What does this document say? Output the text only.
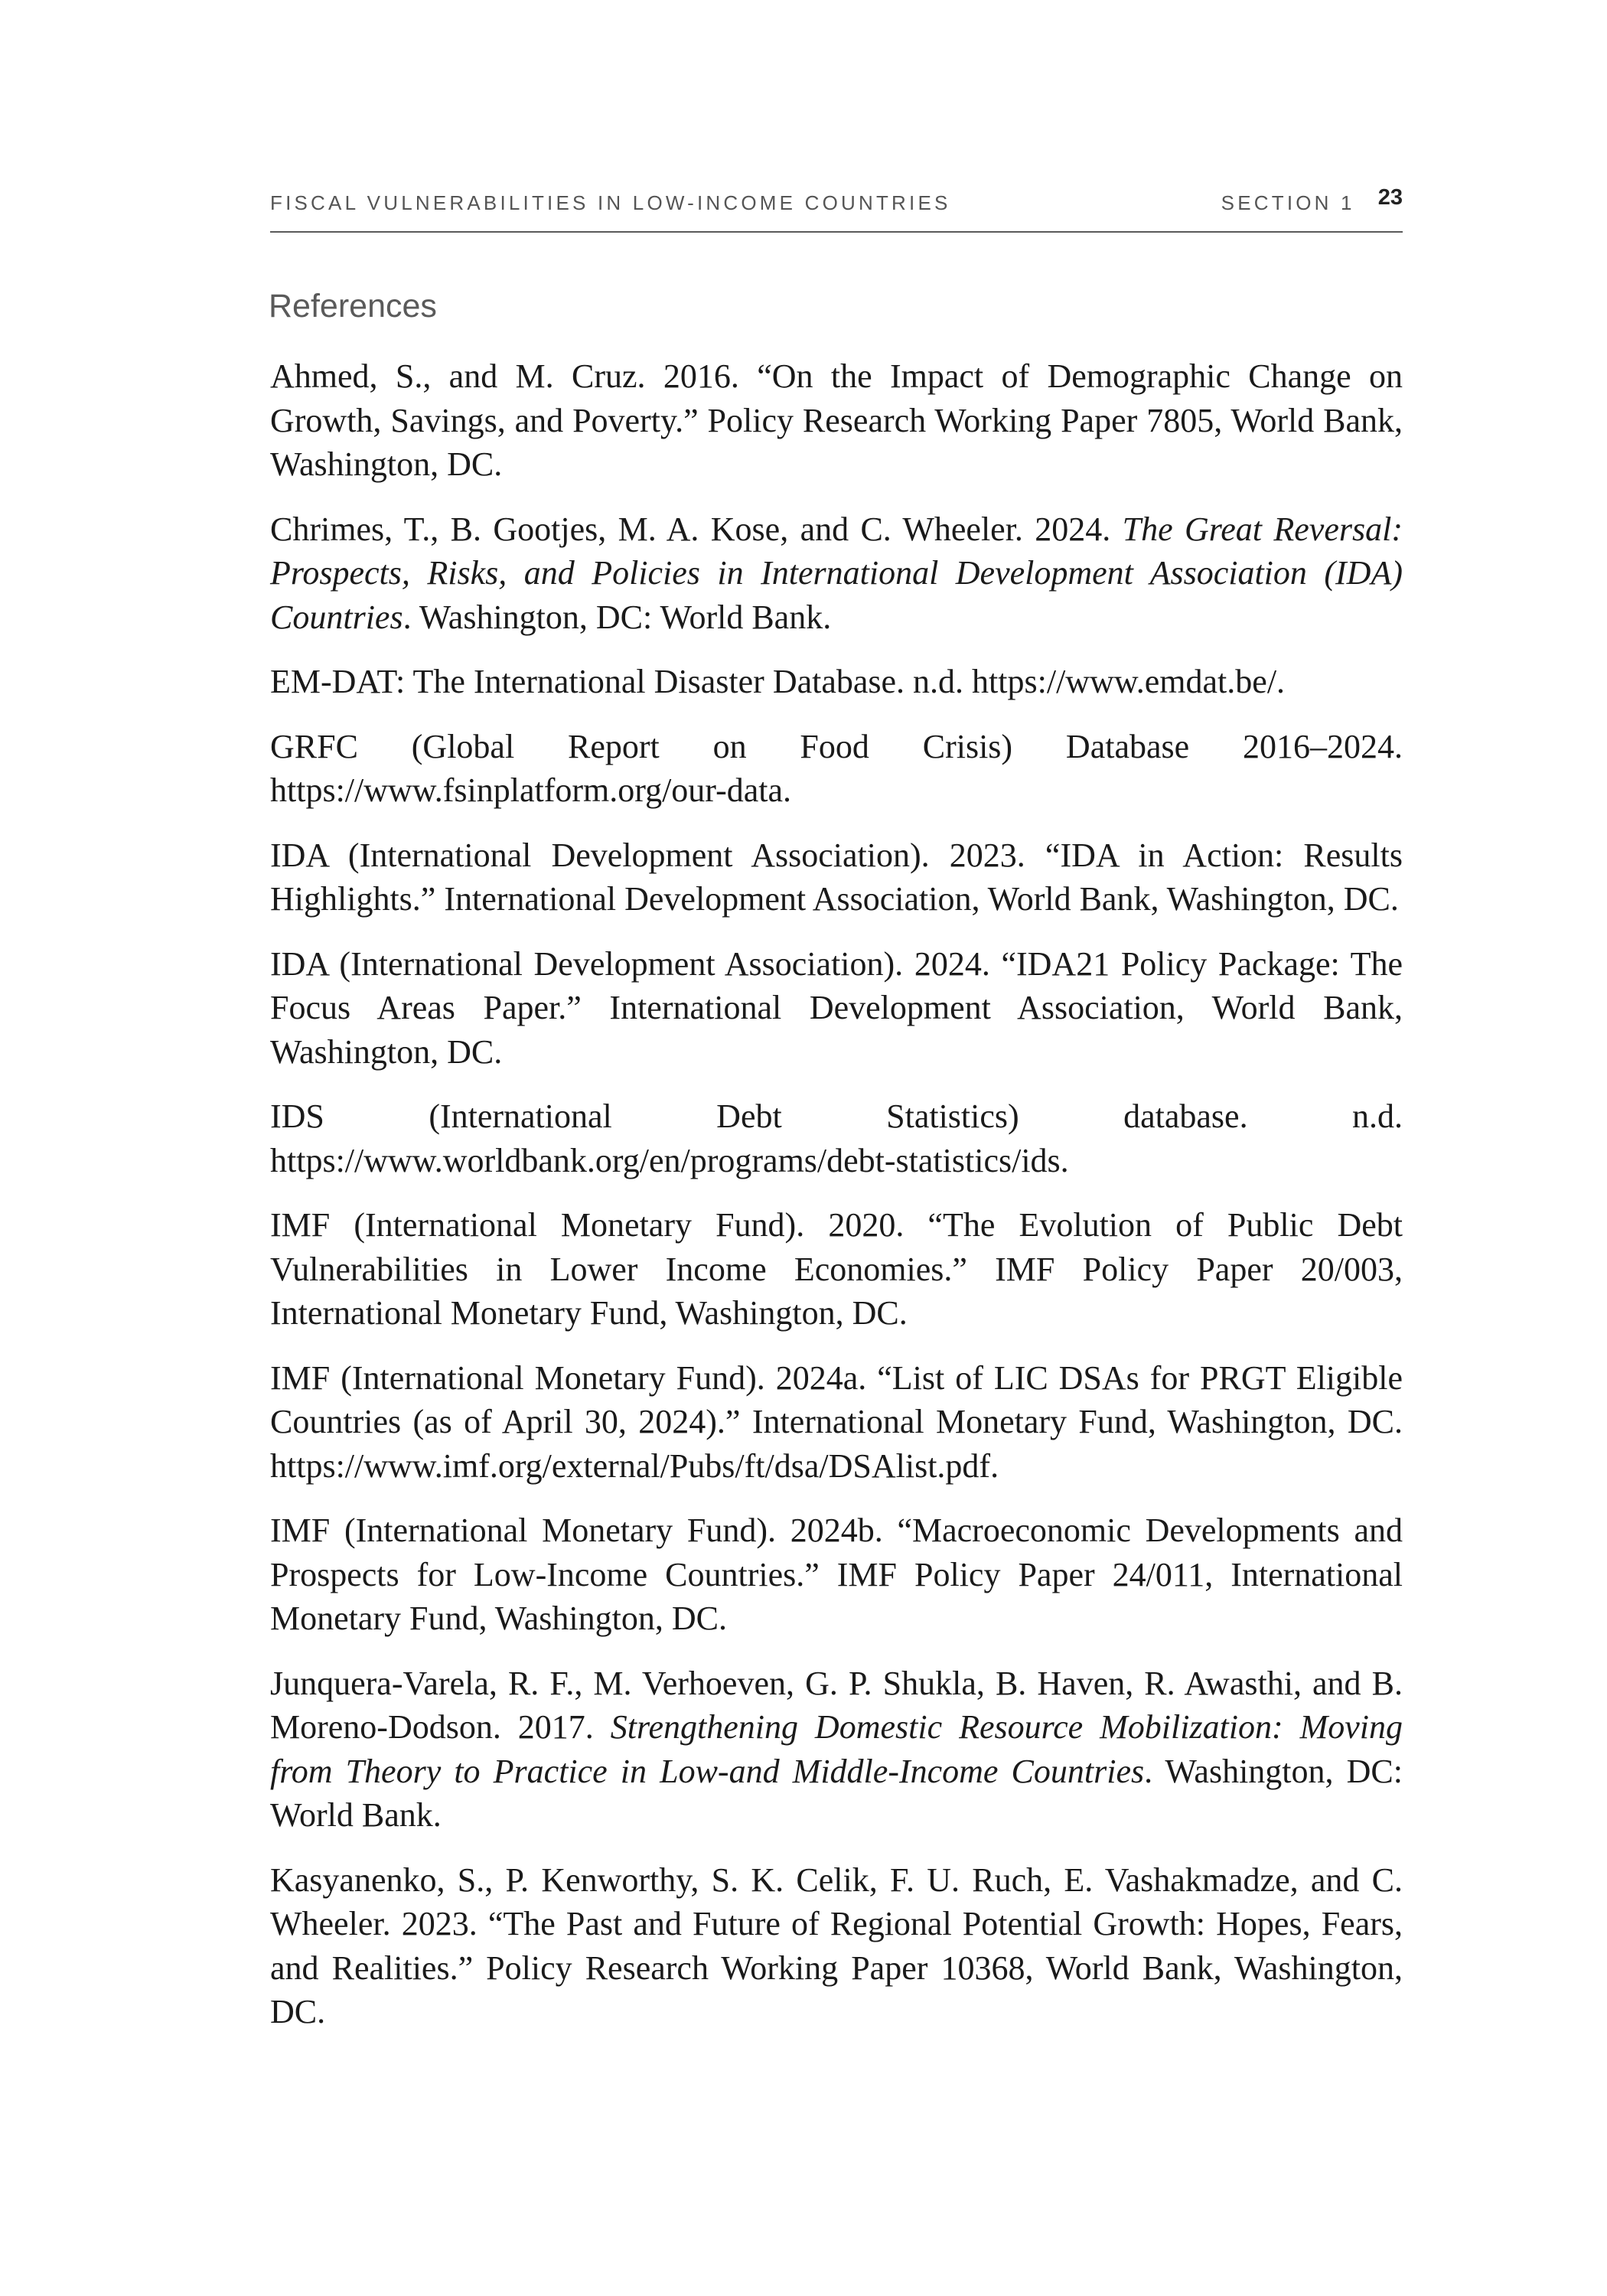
FISCAL VULNERABILITIES IN LOW-INCOME COUNTRIES	SECTION 1 23
References
Ahmed, S., and M. Cruz. 2016. “On the Impact of Demographic Change on Growth, Savings, and Poverty.” Policy Research Working Paper 7805, World Bank, Washington, DC.
Chrimes, T., B. Gootjes, M. A. Kose, and C. Wheeler. 2024. The Great Reversal: Prospects, Risks, and Policies in International Development Association (IDA) Countries. Washington, DC: World Bank.
EM-DAT: The International Disaster Database. n.d. https://www.emdat.be/.
GRFC (Global Report on Food Crisis) Database 2016–2024. https://www.fsinplatform.org/our-data.
IDA (International Development Association). 2023. “IDA in Action: Results Highlights.” International Development Association, World Bank, Washington, DC.
IDA (International Development Association). 2024. “IDA21 Policy Package: The Focus Areas Paper.” International Development Association, World Bank, Washington, DC.
IDS (International Debt Statistics) database. n.d. https://www.worldbank.org/en/programs/debt-statistics/ids.
IMF (International Monetary Fund). 2020. “The Evolution of Public Debt Vulnerabilities in Lower Income Economies.” IMF Policy Paper 20/003, International Monetary Fund, Washington, DC.
IMF (International Monetary Fund). 2024a. “List of LIC DSAs for PRGT Eligible Countries (as of April 30, 2024).” International Monetary Fund, Washington, DC. https://www.imf.org/external/Pubs/ft/dsa/DSAlist.pdf.
IMF (International Monetary Fund). 2024b. “Macroeconomic Developments and Prospects for Low-Income Countries.” IMF Policy Paper 24/011, International Monetary Fund, Washington, DC.
Junquera-Varela, R. F., M. Verhoeven, G. P. Shukla, B. Haven, R. Awasthi, and B. Moreno-Dodson. 2017. Strengthening Domestic Resource Mobilization: Moving from Theory to Practice in Low-and Middle-Income Countries. Washington, DC: World Bank.
Kasyanenko, S., P. Kenworthy, S. K. Celik, F. U. Ruch, E. Vashakmadze, and C. Wheeler. 2023. “The Past and Future of Regional Potential Growth: Hopes, Fears, and Realities.” Policy Research Working Paper 10368, World Bank, Washington, DC.
